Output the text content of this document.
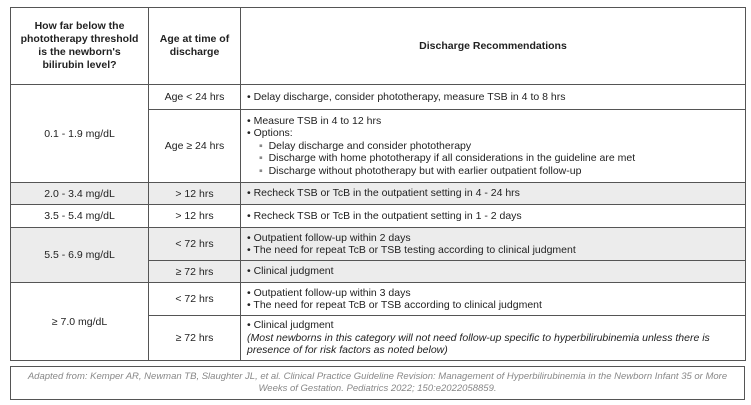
How far below the phototherapy threshold is the newborn's bilirubin level?	Age at time of discharge	Discharge Recommendations
0.1 - 1.9 mg/dL	Age < 24 hrs	• Delay discharge, consider phototherapy, measure TSB in 4 to 8 hrs

	Age ≥ 24 hrs	• Measure TSB in 4 to 12 hrs
• Options:
▪ Delay discharge and consider phototherapy
▪ Discharge with home phototherapy if all considerations in the guideline are met
▪ Discharge without phototherapy but with earlier outpatient follow-up

2.0 - 3.4 mg/dL	> 12 hrs	• Recheck TSB or TcB in the outpatient setting in 4 - 24 hrs

3.5 - 5.4 mg/dL	> 12 hrs	• Recheck TSB or TcB in the outpatient setting in 1 - 2 days

5.5 - 6.9 mg/dL	< 72 hrs	• Outpatient follow-up within 2 days
• The need for repeat TcB or TSB testing according to clinical judgment

	≥ 72 hrs	• Clinical judgment

≥ 7.0 mg/dL	< 72 hrs	• Outpatient follow-up within 3 days
• The need for repeat TcB or TSB according to clinical judgment

	≥ 72 hrs	• Clinical judgment
(Most newborns in this category will not need follow-up specific to hyperbilirubinemia unless there is presence of for risk factors as noted below)
Adapted from: Kemper AR, Newman TB, Slaughter JL, et al. Clinical Practice Guideline Revision: Management of Hyperbilirubinemia in the Newborn Infant 35 or More Weeks of Gestation. Pediatrics 2022; 150:e2022058859.
